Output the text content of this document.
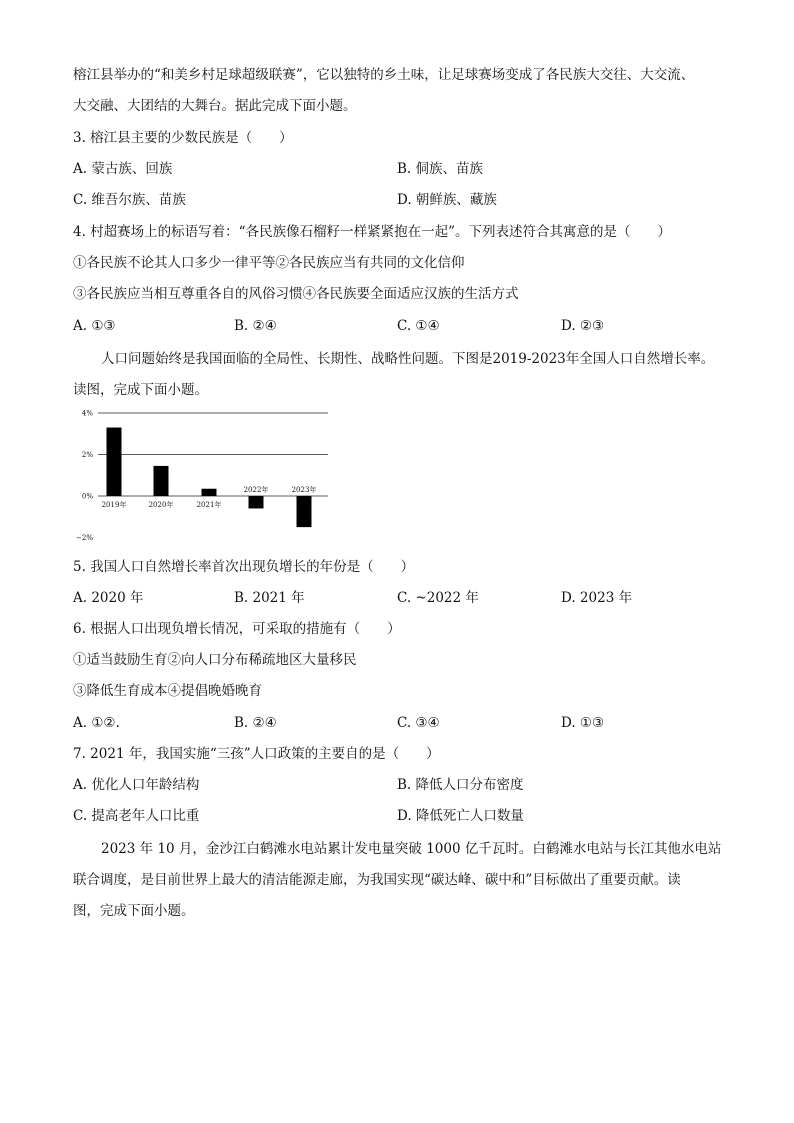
榕江县举办的“和美乡村足球超级联赛”，它以独特的乡土味，让足球赛场变成了各民族大交往、大交流、
大交融、大团结的大舞台。据此完成下面小题。
3. 榕江县主要的少数民族是（　　）
A. 蒙古族、回族	B. 侗族、苗族
C. 维吾尔族、苗族	D. 朝鲜族、藏族
4. 村超赛场上的标语写着：“各民族像石榴籽一样紧紧抱在一起”。下列表述符合其寓意的是（　　）
①各民族不论其人口多少一律平等②各民族应当有共同的文化信仰
③各民族应当相互尊重各自的风俗习惯④各民族要全面适应汉族的生活方式
A. ①③	B. ②④	C. ①④	D. ②③
人口问题始终是我国面临的全局性、长期性、战略性问题。下图是2019-2023年全国人口自然增长率。
读图，完成下面小题。
4%
2%
0%
−2%
2019年	2020年	2021年
2022年	2023年
5. 我国人口自然增长率首次出现负增长的年份是（　　）
A. 2020 年	B. 2021 年	C. ~2022 年	D. 2023 年
6. 根据人口出现负增长情况，可采取的措施有（　　）
①适当鼓励生育②向人口分布稀疏地区大量移民
③降低生育成本④提倡晚婚晚育
A. ①②.	B. ②④	C. ③④	D. ①③
7. 2021 年，我国实施“三孩”人口政策的主要自的是（　　）
A. 优化人口年龄结构	B. 降低人口分布密度
C. 提高老年人口比重	D. 降低死亡人口数量
2023 年 10 月，金沙江白鹤滩水电站累计发电量突破 1000 亿千瓦时。白鹤滩水电站与长江其他水电站
联合调度，是目前世界上最大的清洁能源走廊，为我国实现“碳达峰、碳中和”目标做出了重要贡献。读
图，完成下面小题。
